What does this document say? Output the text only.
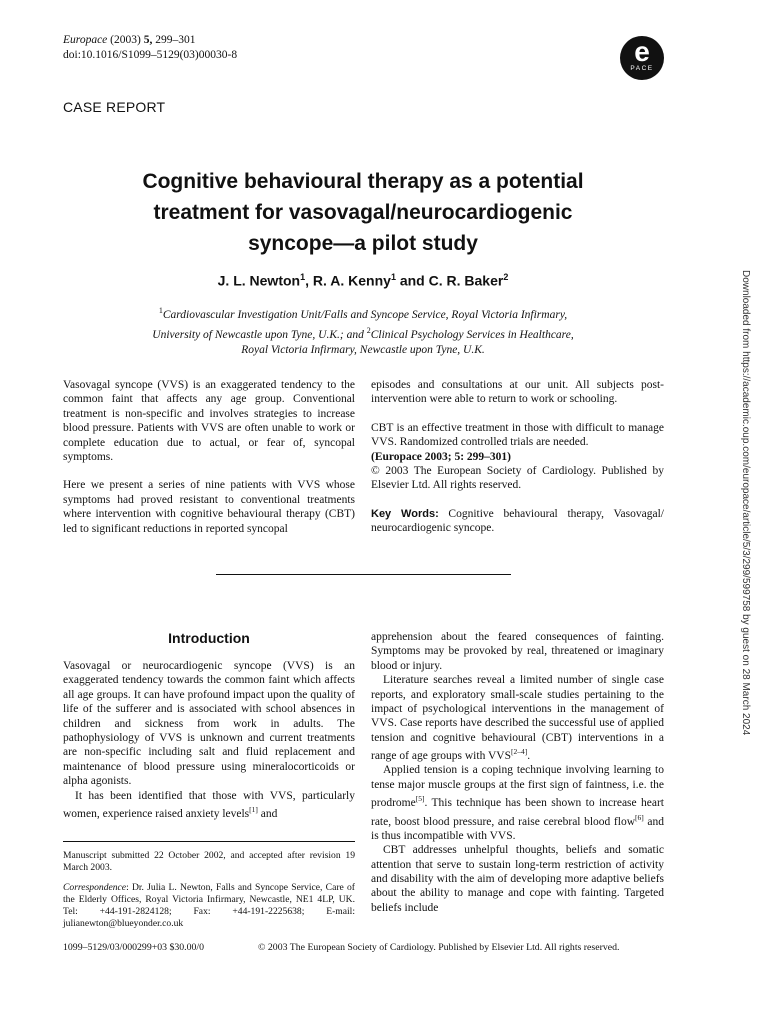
Europace (2003) 5, 299–301
doi:10.1016/S1099–5129(03)00030-8	e
PACE
CASE REPORT
Cognitive behavioural therapy as a potential
treatment for vasovagal/neurocardiogenic
syncope—a pilot study
J. L. Newton$^1$, R. A. Kenny$^1$ and C. R. Baker$^2$
$^1$Cardiovascular Investigation Unit/Falls and Syncope Service, Royal Victoria Infirmary,
University of Newcastle upon Tyne, U.K.; and $^2$Clinical Psychology Services in Healthcare,
Royal Victoria Infirmary, Newcastle upon Tyne, U.K.

Vasovagal syncope (VVS) is an exaggerated tendency to the common faint that affects any age group. Conventional treatment is non-specific and involves strategies to increase blood pressure. Patients with VVS are often unable to work or complete education due to actual, or fear of, syncopal symptoms.

Here we present a series of nine patients with VVS whose symptoms had proved resistant to conventional treatments where intervention with cognitive behavioural therapy (CBT) led to significant reductions in reported syncopal

episodes and consultations at our unit. All subjects post-intervention were able to return to work or schooling.

CBT is an effective treatment in those with difficult to manage VVS. Randomized controlled trials are needed.

(Europace 2003; 5: 299–301)

© 2003 The European Society of Cardiology. Published by Elsevier Ltd. All rights reserved.

Key Words: Cognitive behavioural therapy, Vasovagal/ neurocardiogenic syncope.

Introduction

Vasovagal or neurocardiogenic syncope (VVS) is an exaggerated tendency towards the common faint which affects all age groups. It can have profound impact upon the quality of life of the sufferer and is associated with school absences in children and sickness from work in adults. The pathophysiology of VVS is unknown and current treatments are non-specific including salt and fluid replacement and maintenance of blood pressure using mineralocorticoids or alpha agonists.

It has been identified that those with VVS, particularly women, experience raised anxiety levels[1] and

apprehension about the feared consequences of fainting. Symptoms may be provoked by real, threatened or imaginary blood or injury.

Literature searches reveal a limited number of single case reports, and exploratory small-scale studies pertaining to the impact of psychological interventions in the management of VVS. Case reports have described the successful use of applied tension and cognitive behavioural (CBT) interventions in a range of age groups with VVS[2–4].

Applied tension is a coping technique involving learning to tense major muscle groups at the first sign of faintness, i.e. the prodrome[5]. This technique has been shown to increase heart rate, boost blood pressure, and raise cerebral blood flow[6] and is thus incompatible with VVS.

CBT addresses unhelpful thoughts, beliefs and somatic attention that serve to sustain long-term restriction of activity and disability with the aim of developing more adaptive beliefs about the ability to manage and cope with fainting. Targeted beliefs include

Manuscript submitted 22 October 2002, and accepted after revision 19 March 2003.

Correspondence: Dr. Julia L. Newton, Falls and Syncope Service, Care of the Elderly Offices, Royal Victoria Infirmary, Newcastle, NE1 4LP, UK. Tel: +44-191-2824128; Fax: +44-191-2225638; E-mail: julianewton@blueyonder.co.uk

1099–5129/03/000299+03 $30.00/0	© 2003 The European Society of Cardiology. Published by Elsevier Ltd. All rights reserved.
Downloaded from https://academic.oup.com/europace/article/5/3/299/599758 by guest on 28 March 2024
